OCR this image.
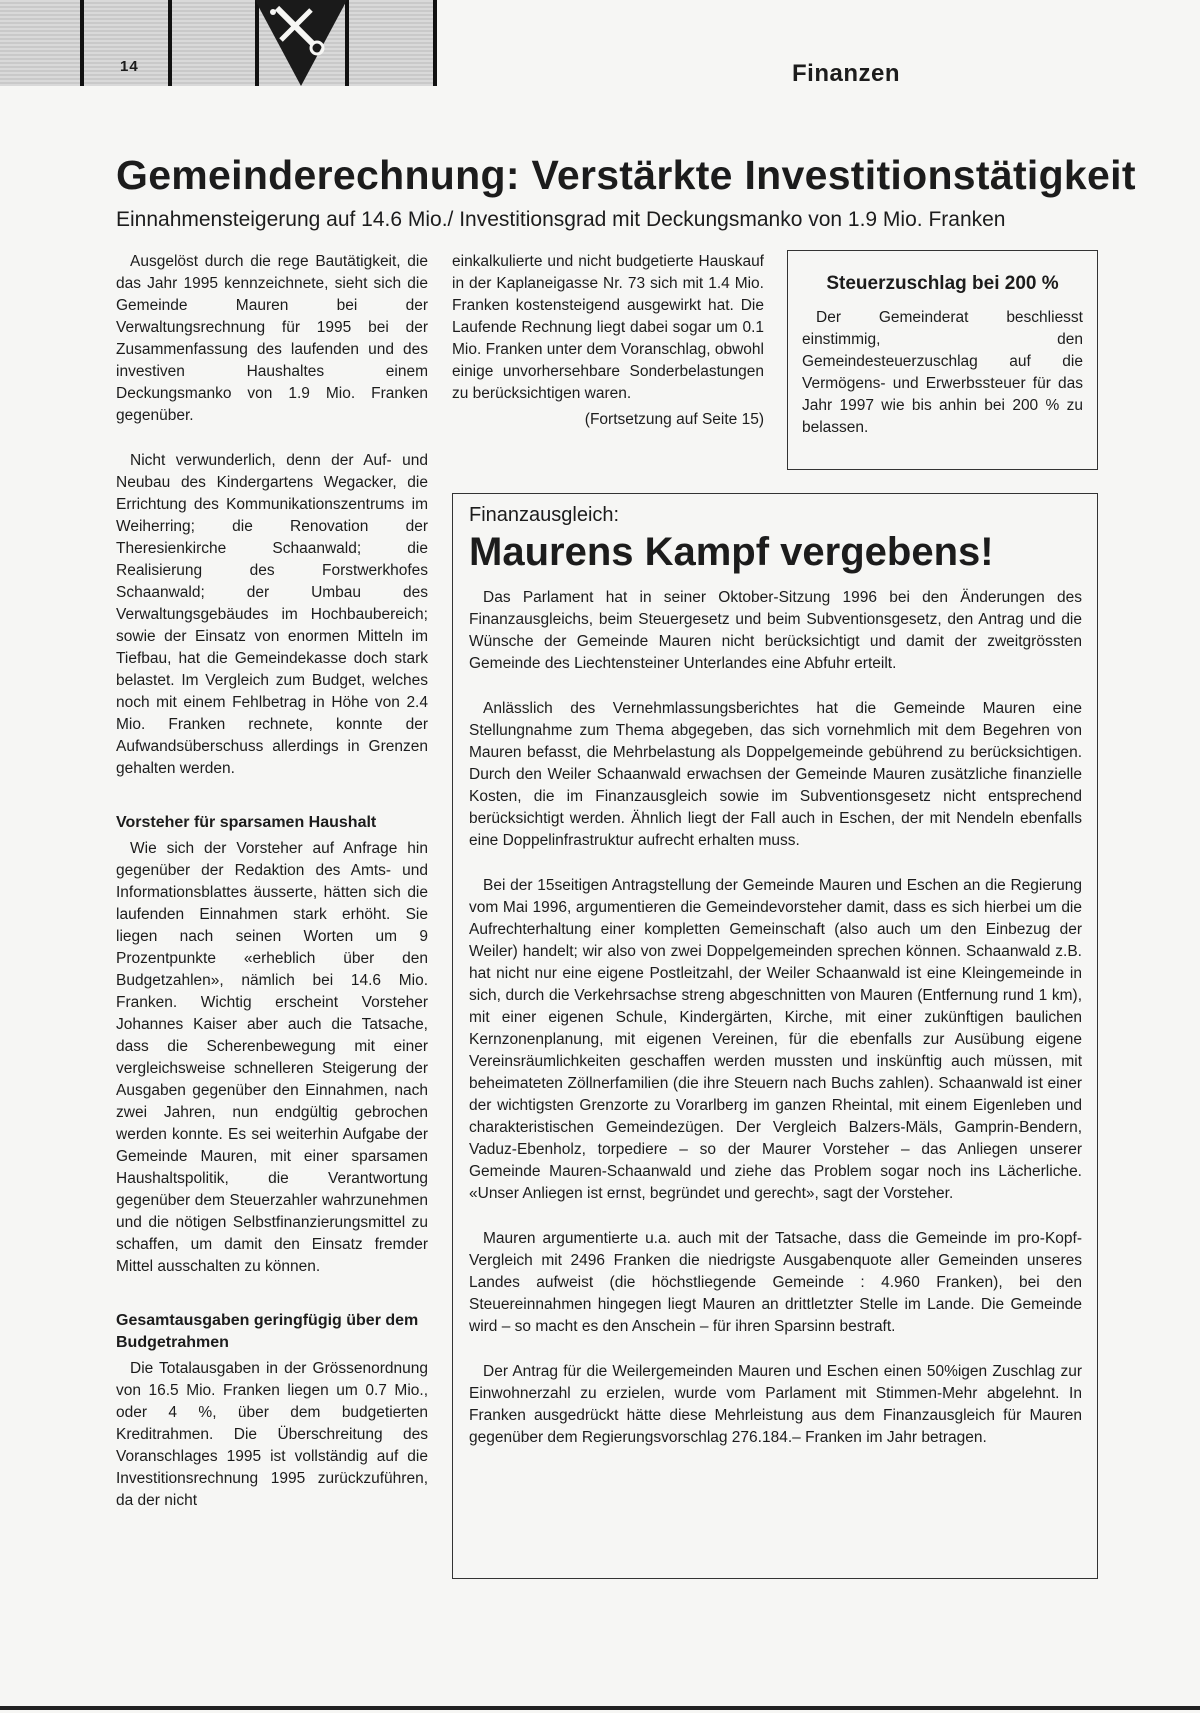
14	Finanzen
Gemeinderechnung: Verstärkte Investitionstätigkeit
Einnahmensteigerung auf 14.6 Mio./ Investitionsgrad mit Deckungsmanko von 1.9 Mio. Franken

Ausgelöst durch die rege Bautätigkeit, die das Jahr 1995 kennzeichnete, sieht sich die Gemeinde Mauren bei der Verwaltungsrechnung für 1995 bei der Zusammenfassung des laufenden und des investiven Haushaltes einem Deckungsmanko von 1.9 Mio. Franken gegenüber.

Nicht verwunderlich, denn der Auf- und Neubau des Kindergartens Wegacker, die Errichtung des Kommunikationszentrums im Weiherring; die Renovation der Theresienkirche Schaanwald; die Realisierung des Forstwerkhofes Schaanwald; der Umbau des Verwaltungsgebäudes im Hochbaubereich; sowie der Einsatz von enormen Mitteln im Tiefbau, hat die Gemeindekasse doch stark belastet. Im Vergleich zum Budget, welches noch mit einem Fehlbetrag in Höhe von 2.4 Mio. Franken rechnete, konnte der Aufwandsüberschuss allerdings in Grenzen gehalten werden.

Vorsteher für sparsamen Haushalt

Wie sich der Vorsteher auf Anfrage hin gegenüber der Redaktion des Amts- und Informationsblattes äusserte, hätten sich die laufenden Einnahmen stark erhöht. Sie liegen nach seinen Worten um 9 Prozentpunkte «erheblich über den Budgetzahlen», nämlich bei 14.6 Mio. Franken. Wichtig erscheint Vorsteher Johannes Kaiser aber auch die Tatsache, dass die Scherenbewegung mit einer vergleichsweise schnelleren Steigerung der Ausgaben gegenüber den Einnahmen, nach zwei Jahren, nun endgültig gebrochen werden konnte. Es sei weiterhin Aufgabe der Gemeinde Mauren, mit einer sparsamen Haushaltspolitik, die Verantwortung gegenüber dem Steuerzahler wahrzunehmen und die nötigen Selbstfinanzierungsmittel zu schaffen, um damit den Einsatz fremder Mittel ausschalten zu können.

Gesamtausgaben geringfügig über dem Budgetrahmen

Die Totalausgaben in der Grössenordnung von 16.5 Mio. Franken liegen um 0.7 Mio., oder 4 %, über dem budgetierten Kreditrahmen. Die Überschreitung des Voranschlages 1995 ist vollständig auf die Investitionsrechnung 1995 zurückzuführen, da der nicht

einkalkulierte und nicht budgetierte Hauskauf in der Kaplaneigasse Nr. 73 sich mit 1.4 Mio. Franken kostensteigend ausgewirkt hat. Die Laufende Rechnung liegt dabei sogar um 0.1 Mio. Franken unter dem Voranschlag, obwohl einige unvorhersehbare Sonderbelastungen zu berücksichtigen waren.

(Fortsetzung auf Seite 15)
Steuerzuschlag bei 200 %

Der Gemeinderat beschliesst einstimmig, den Gemeindesteuerzuschlag auf die Vermögens- und Erwerbssteuer für das Jahr 1997 wie bis anhin bei 200 % zu belassen.

Finanzausgleich:
Maurens Kampf vergebens!

Das Parlament hat in seiner Oktober-Sitzung 1996 bei den Änderungen des Finanzausgleichs, beim Steuergesetz und beim Subventionsgesetz, den Antrag und die Wünsche der Gemeinde Mauren nicht berücksichtigt und damit der zweitgrössten Gemeinde des Liechtensteiner Unterlandes eine Abfuhr erteilt.

Anlässlich des Vernehmlassungsberichtes hat die Gemeinde Mauren eine Stellungnahme zum Thema abgegeben, das sich vornehmlich mit dem Begehren von Mauren befasst, die Mehrbelastung als Doppelgemeinde gebührend zu berücksichtigen. Durch den Weiler Schaanwald erwachsen der Gemeinde Mauren zusätzliche finanzielle Kosten, die im Finanzausgleich sowie im Subventionsgesetz nicht entsprechend berücksichtigt werden. Ähnlich liegt der Fall auch in Eschen, der mit Nendeln ebenfalls eine Doppelinfrastruktur aufrecht erhalten muss.

Bei der 15seitigen Antragstellung der Gemeinde Mauren und Eschen an die Regierung vom Mai 1996, argumentieren die Gemeindevorsteher damit, dass es sich hierbei um die Aufrechterhaltung einer kompletten Gemeinschaft (also auch um den Einbezug der Weiler) handelt; wir also von zwei Doppelgemeinden sprechen können. Schaanwald z.B. hat nicht nur eine eigene Postleitzahl, der Weiler Schaanwald ist eine Kleingemeinde in sich, durch die Verkehrsachse streng abgeschnitten von Mauren (Entfernung rund 1 km), mit einer eigenen Schule, Kindergärten, Kirche, mit einer zukünftigen baulichen Kernzonenplanung, mit eigenen Vereinen, für die ebenfalls zur Ausübung eigene Vereinsräumlichkeiten geschaffen werden mussten und inskünftig auch müssen, mit beheimateten Zöllnerfamilien (die ihre Steuern nach Buchs zahlen). Schaanwald ist einer der wichtigsten Grenzorte zu Vorarlberg im ganzen Rheintal, mit einem Eigenleben und charakteristischen Gemeindezügen. Der Vergleich Balzers-Mäls, Gamprin-Bendern, Vaduz-Ebenholz, torpediere – so der Maurer Vorsteher – das Anliegen unserer Gemeinde Mauren-Schaanwald und ziehe das Problem sogar noch ins Lächerliche. «Unser Anliegen ist ernst, begründet und gerecht», sagt der Vorsteher.

Mauren argumentierte u.a. auch mit der Tatsache, dass die Gemeinde im pro-Kopf-Vergleich mit 2496 Franken die niedrigste Ausgabenquote aller Gemeinden unseres Landes aufweist (die höchstliegende Gemeinde : 4.960 Franken), bei den Steuereinnahmen hingegen liegt Mauren an drittletzter Stelle im Lande. Die Gemeinde wird – so macht es den Anschein – für ihren Sparsinn bestraft.

Der Antrag für die Weilergemeinden Mauren und Eschen einen 50%igen Zuschlag zur Einwohnerzahl zu erzielen, wurde vom Parlament mit Stimmen-Mehr abgelehnt. In Franken ausgedrückt hätte diese Mehrleistung aus dem Finanzausgleich für Mauren gegenüber dem Regierungsvorschlag 276.184.– Franken im Jahr betragen.
